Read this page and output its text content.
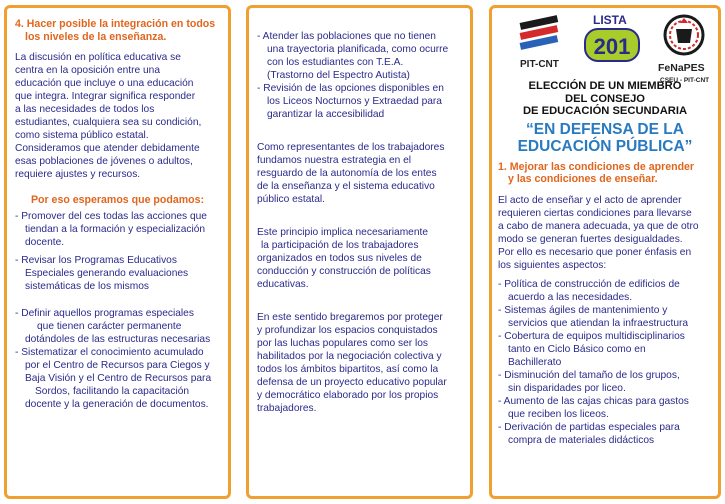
4. Hacer posible la integración en todos
los niveles de la enseñanza.
La discusión en política educativa se
centra en la oposición entre una
educación que incluye o una educación
que integra. Integrar significa responder
a las necesidades de todos los
estudiantes, cualquiera sea su condición,
como sistema público estatal.
Consideramos que atender debidamente
esas poblaciones de jóvenes o adultos,
requiere ajustes y recursos.
Por eso esperamos que podamos:
- Promover del ces todas las acciones que
tiendan a la formación y especialización
docente.
- Revisar los Programas Educativos
Especiales generando evaluaciones
sistemáticas de los mismos
- Definir aquellos programas especiales
que tienen carácter permanente
dotándoles de las estructuras necesarias
- Sistematizar el conocimiento acumulado
por el Centro de Recursos para Ciegos y
Baja Visión y el Centro de Recursos para
Sordos, facilitando la capacitación
docente y la generación de documentos.
- Atender las poblaciones que no tienen
una trayectoria planificada, como ocurre
con los estudiantes con T.E.A.
(Trastorno del Espectro Autista)
- Revisión de las opciones disponibles en
los Liceos Nocturnos y Extraedad para
garantizar la accesibilidad
Como representantes de los trabajadores
fundamos nuestra estrategia en el
resguardo de la autonomía de los entes
de la enseñanza y el sistema educativo
público estatal.
Este principio implica necesariamente
la participación de los trabajadores
organizados en todos sus niveles de
conducción y construcción de políticas
educativas.
En este sentido bregaremos por proteger
y profundizar los espacios conquistados
por las luchas populares como ser los
habilitados por la negociación colectiva y
todos los ámbitos bipartitos, así como la
defensa de un proyecto educativo popular
y democrático elaborado por los propios
trabajadores.
PIT-CNT
LISTA
201
FeNaPES
CSEU - PIT-CNT
ELECCIÓN DE UN MIEMBRO
DEL CONSEJO
DE EDUCACIÓN SECUNDARIA
“EN DEFENSA DE LA
EDUCACIÓN PÚBLICA”
1. Mejorar las condiciones de aprender
y las condiciones de enseñar.
El acto de enseñar y el acto de aprender
requieren ciertas condiciones para llevarse
a cabo de manera adecuada, ya que de otro
modo se generan fuertes desigualdades.
Por ello es necesario que poner énfasis en
los siguientes aspectos:
- Política de construcción de edificios de
acuerdo a las necesidades.
- Sistemas ágiles de mantenimiento y
servicios que atiendan la infraestructura
- Cobertura de equipos multidisciplinarios
tanto en Ciclo Básico como en
Bachillerato
- Disminución del tamaño de los grupos,
sin disparidades por liceo.
- Aumento de las cajas chicas para gastos
que reciben los liceos.
- Derivación de partidas especiales para
compra de materiales didácticos
